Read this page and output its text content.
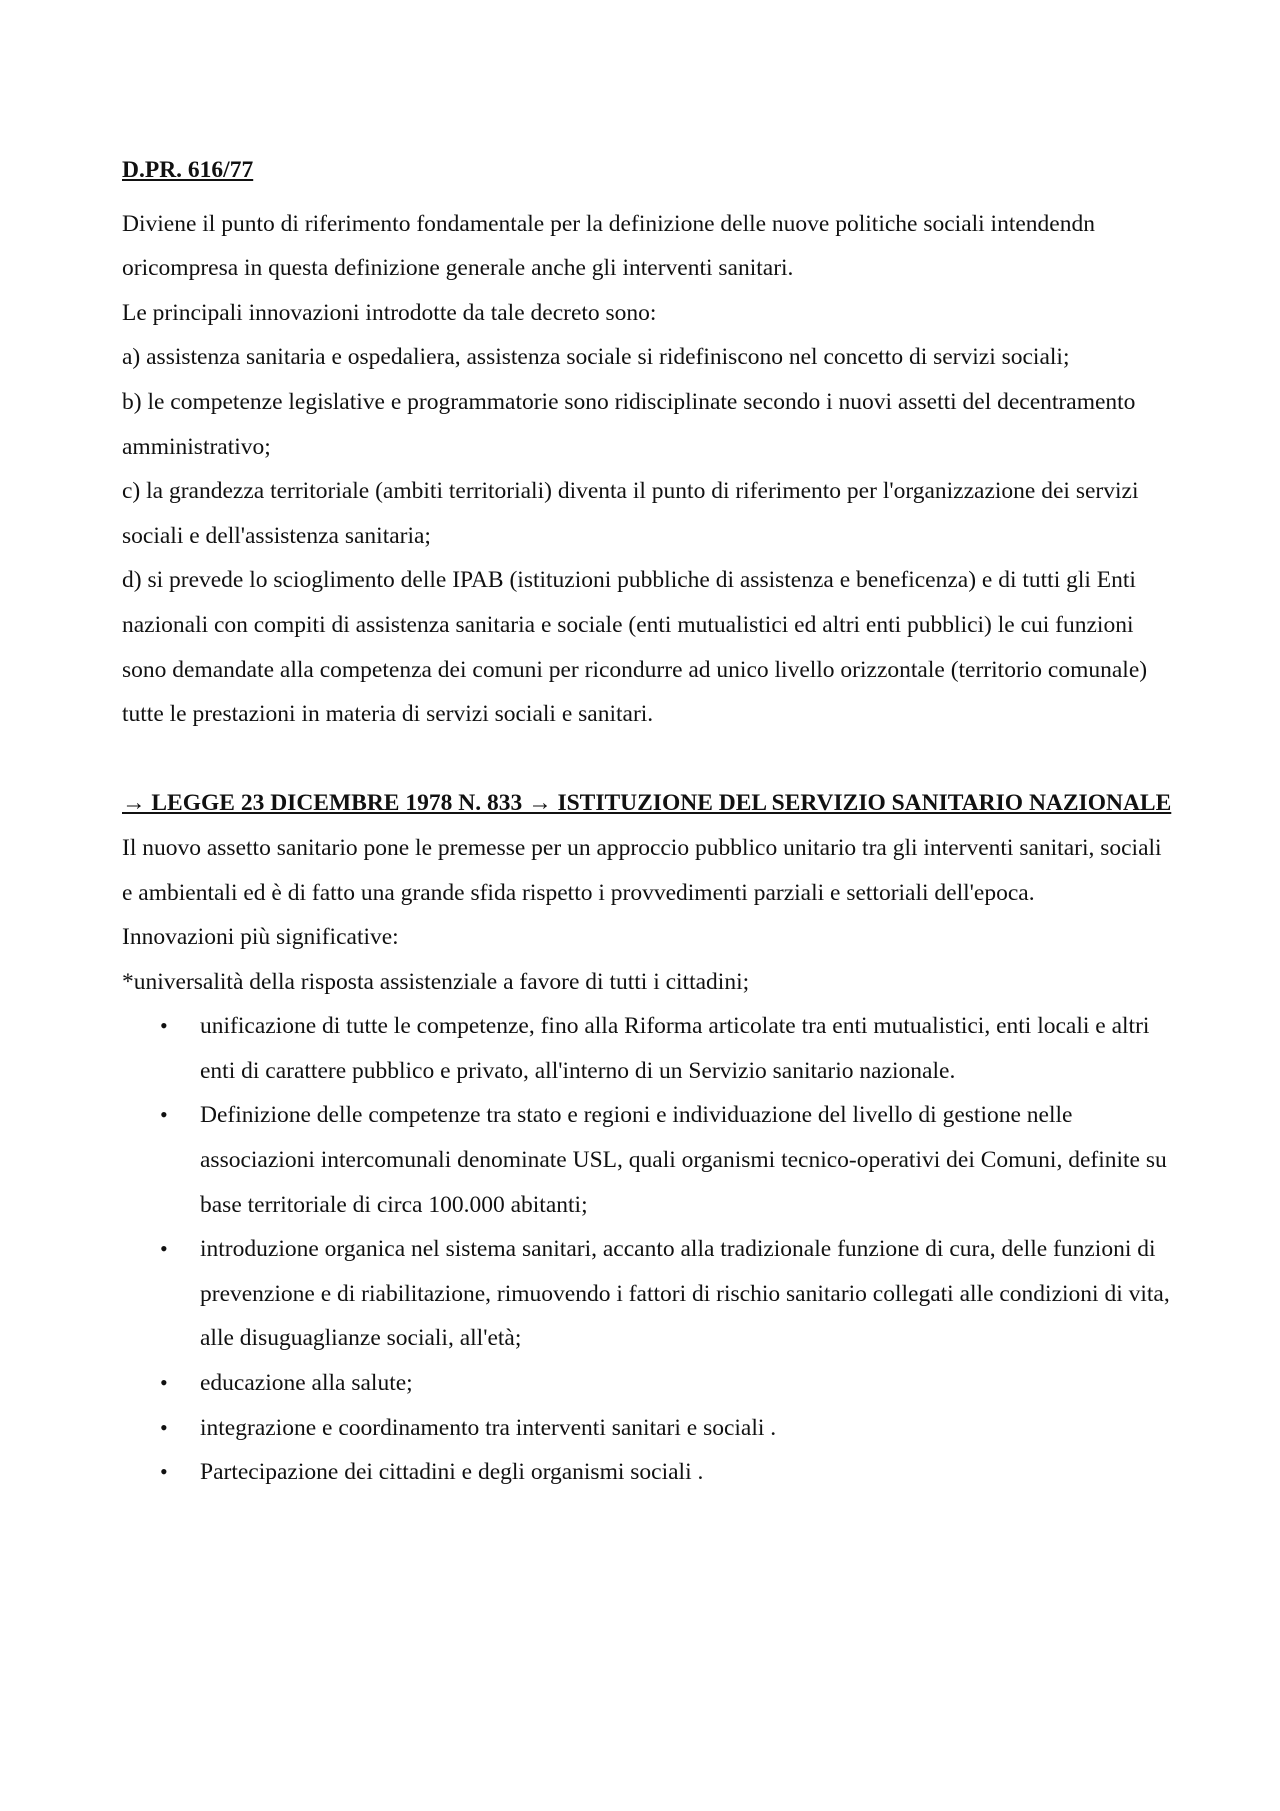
D.PR. 616/77

Diviene il punto di riferimento fondamentale per la definizione delle nuove politiche sociali intendendn oricompresa in questa definizione generale anche gli interventi sanitari.

Le principali innovazioni introdotte da tale decreto sono:

a) assistenza sanitaria e ospedaliera, assistenza sociale si ridefiniscono nel concetto di servizi sociali;

b) le competenze legislative e programmatorie sono ridisciplinate secondo i nuovi assetti del decentramento amministrativo;

c) la grandezza territoriale (ambiti territoriali) diventa il punto di riferimento per l'organizzazione dei servizi sociali e dell'assistenza sanitaria;

d) si prevede lo scioglimento delle IPAB (istituzioni pubbliche di assistenza e beneficenza) e di tutti gli Enti nazionali con compiti di assistenza sanitaria e sociale (enti mutualistici ed altri enti pubblici) le cui funzioni sono demandate alla competenza dei comuni per ricondurre ad unico livello orizzontale (territorio comunale) tutte le prestazioni in materia di servizi sociali e sanitari.

→ LEGGE 23 DICEMBRE 1978 N. 833 → ISTITUZIONE DEL SERVIZIO SANITARIO NAZIONALE

Il nuovo assetto sanitario pone le premesse per un approccio pubblico unitario tra gli interventi sanitari, sociali e ambientali ed è di fatto una grande sfida rispetto i provvedimenti parziali e settoriali dell'epoca.

Innovazioni più significative:

*universalità della risposta assistenziale a favore di tutti i cittadini;

• unificazione di tutte le competenze, fino alla Riforma articolate tra enti mutualistici, enti locali e altri enti di carattere pubblico e privato, all'interno di un Servizio sanitario nazionale.
• Definizione delle competenze tra stato e regioni e individuazione del livello di gestione nelle associazioni intercomunali denominate USL, quali organismi tecnico-operativi dei Comuni, definite su base territoriale di circa 100.000 abitanti;
• introduzione organica nel sistema sanitari, accanto alla tradizionale funzione di cura, delle funzioni di prevenzione e di riabilitazione, rimuovendo i fattori di rischio sanitario collegati alle condizioni di vita, alle disuguaglianze sociali, all'età;
• educazione alla salute;
• integrazione e coordinamento tra interventi sanitari e sociali .
• Partecipazione dei cittadini e degli organismi sociali .
